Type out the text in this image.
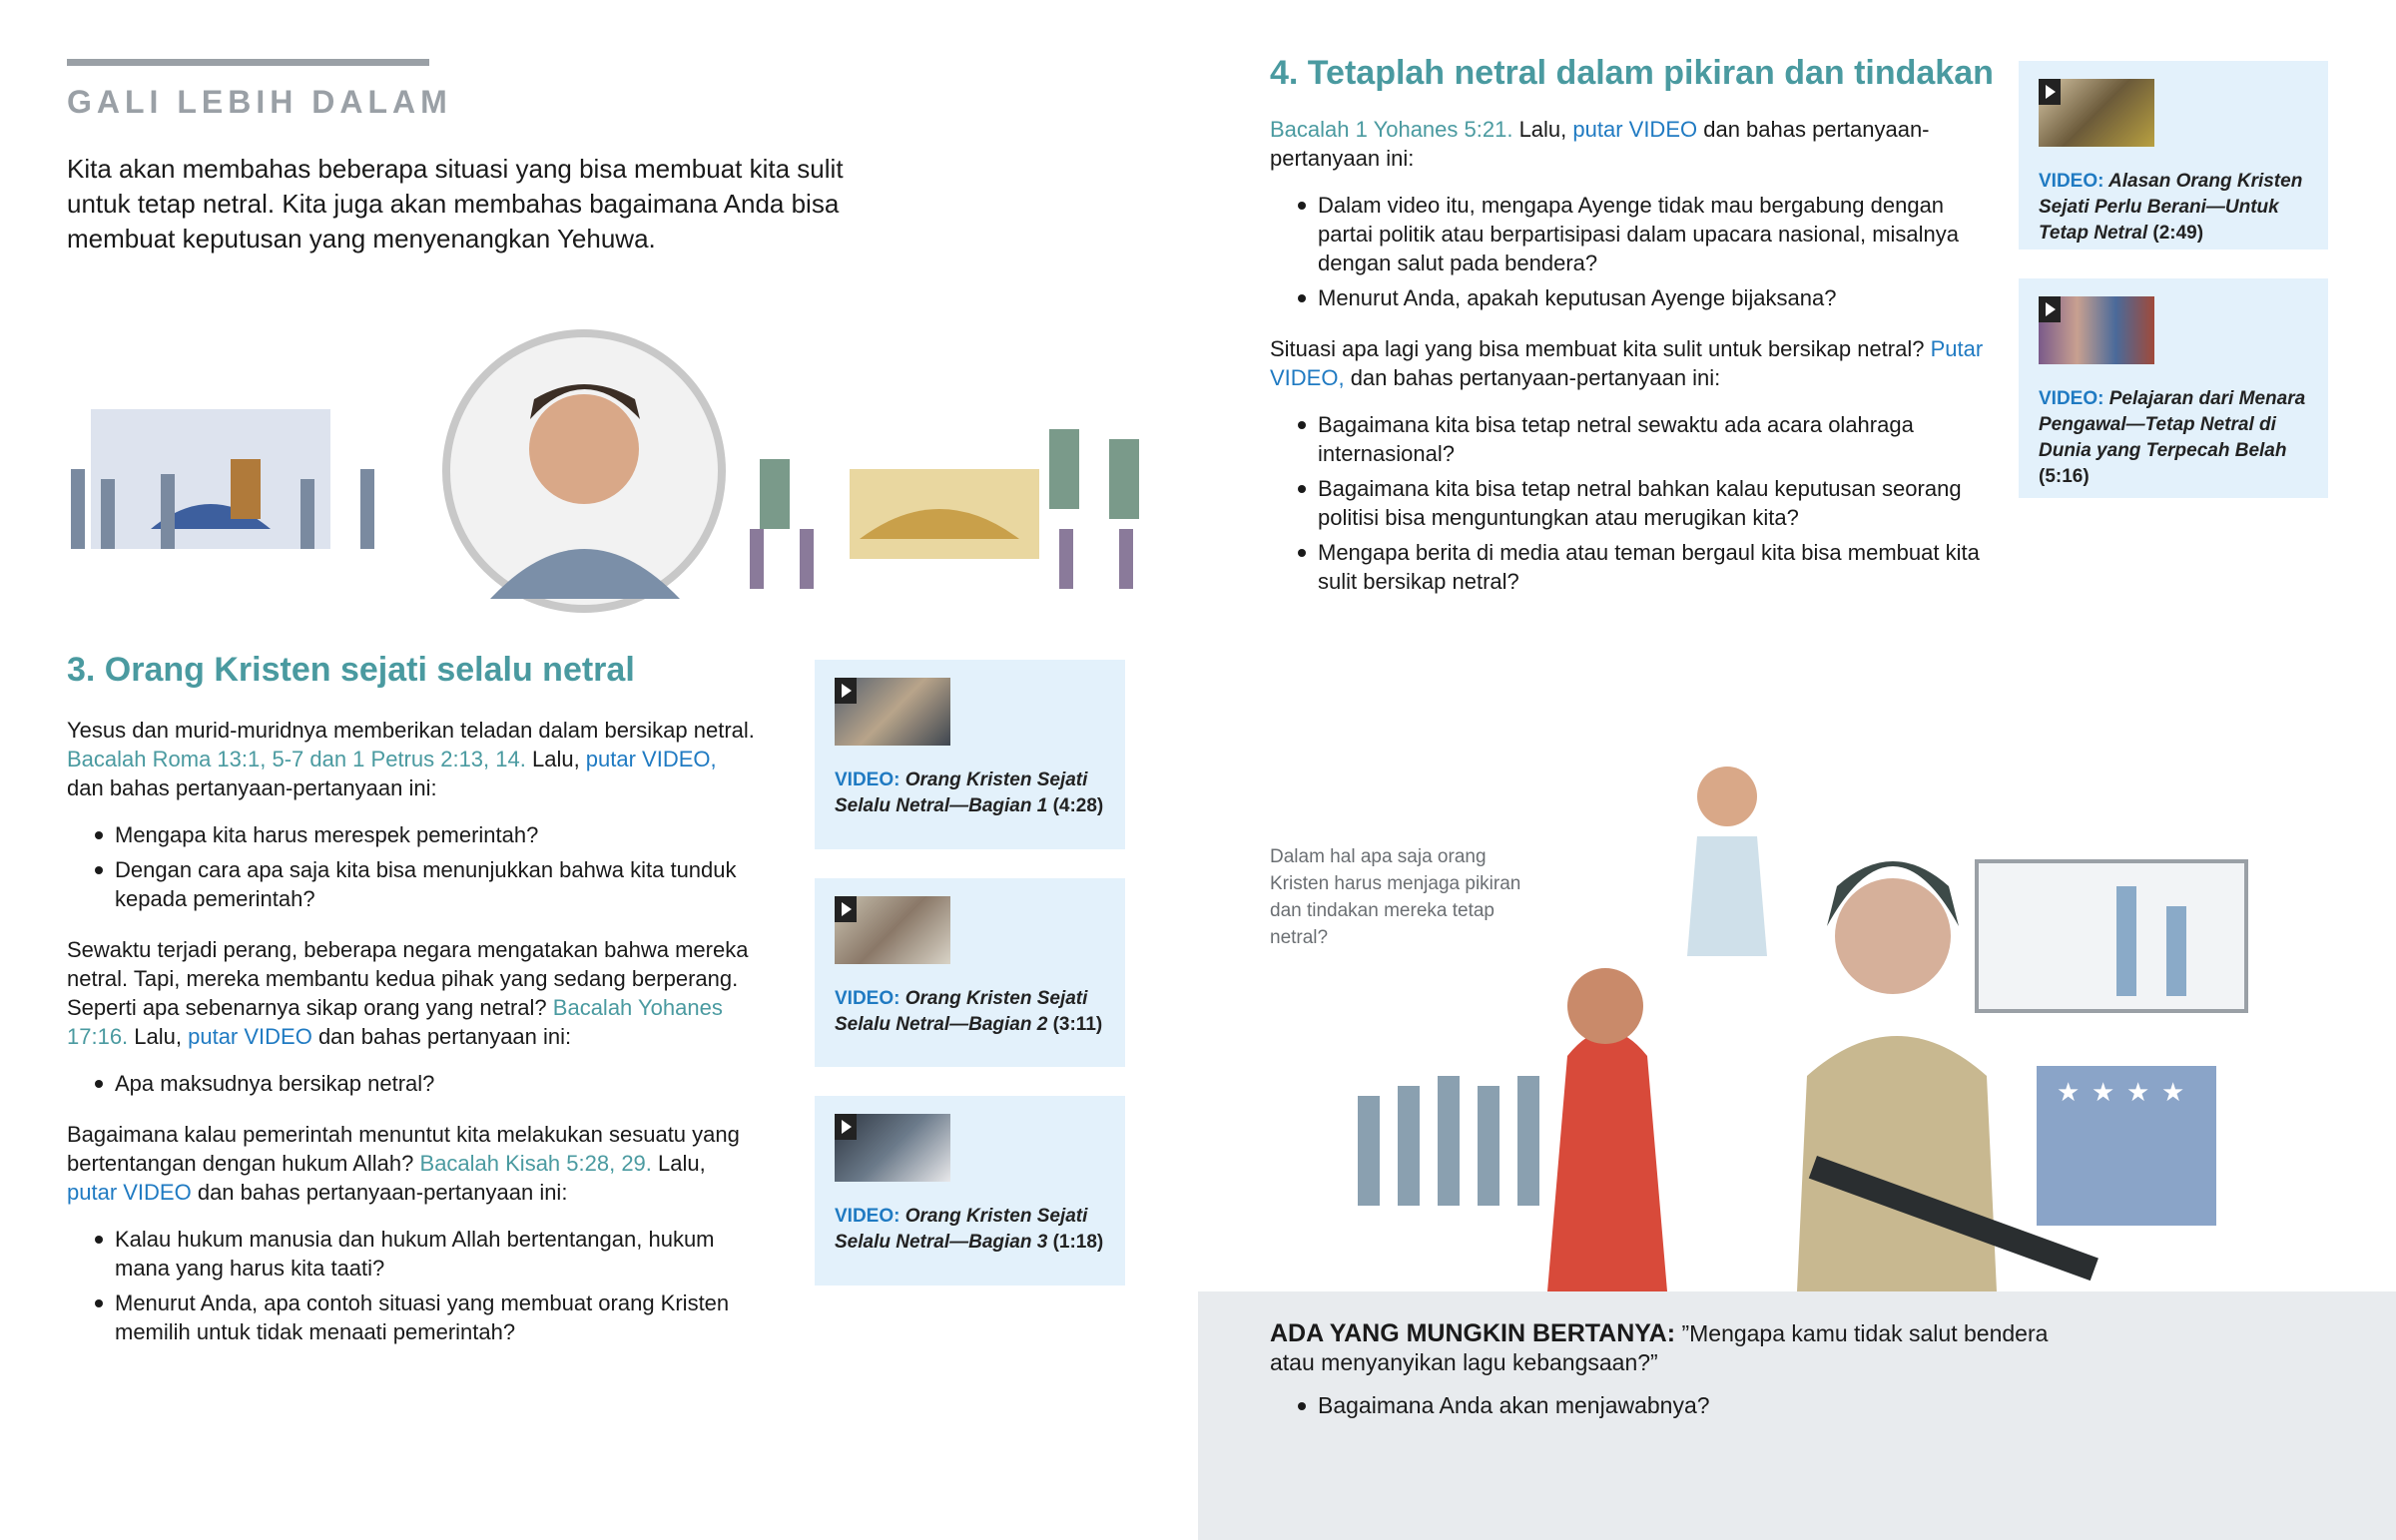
GALI LEBIH DALAM
Kita akan membahas beberapa situasi yang bisa membuat kita sulit untuk tetap netral. Kita juga akan membahas bagaimana Anda bisa membuat keputusan yang menyenangkan Yehuwa.
3. Orang Kristen sejati selalu netral

Yesus dan murid-muridnya memberikan teladan dalam bersikap netral. Bacalah Roma 13:1, 5-7 dan 1 Petrus 2:13, 14. Lalu, putar VIDEO, dan bahas pertanyaan-pertanyaan ini:

Mengapa kita harus merespek pemerintah?
Dengan cara apa saja kita bisa menunjukkan bahwa kita tunduk kepada pemerintah?

Sewaktu terjadi perang, beberapa negara mengatakan bahwa mereka netral. Tapi, mereka membantu kedua pihak yang sedang berperang. Seperti apa sebenarnya sikap orang yang netral? Bacalah Yohanes 17:16. Lalu, putar VIDEO dan bahas pertanyaan ini:

Apa maksudnya bersikap netral?

Bagaimana kalau pemerintah menuntut kita melakukan sesuatu yang bertentangan dengan hukum Allah? Bacalah Kisah 5:28, 29. Lalu, putar VIDEO dan bahas pertanyaan-pertanyaan ini:

Kalau hukum manusia dan hukum Allah bertentangan, hukum mana yang harus kita taati?
Menurut Anda, apa contoh situasi yang membuat orang Kristen memilih untuk tidak menaati pemerintah?
VIDEO: Orang Kristen Sejati Selalu Netral—Bagian 1 (4:28)
VIDEO: Orang Kristen Sejati Selalu Netral—Bagian 2 (3:11)
VIDEO: Orang Kristen Sejati Selalu Netral—Bagian 3 (1:18)
4. Tetaplah netral dalam pikiran dan tindakan

Bacalah 1 Yohanes 5:21. Lalu, putar VIDEO dan bahas pertanyaan-pertanyaan ini:

Dalam video itu, mengapa Ayenge tidak mau bergabung dengan partai politik atau berpartisipasi dalam upacara nasional, misalnya dengan salut pada bendera?
Menurut Anda, apakah keputusan Ayenge bijaksana?

Situasi apa lagi yang bisa membuat kita sulit untuk bersikap netral? Putar VIDEO, dan bahas pertanyaan-pertanyaan ini:

Bagaimana kita bisa tetap netral sewaktu ada acara olahraga internasional?
Bagaimana kita bisa tetap netral bahkan kalau keputusan seorang politisi bisa menguntungkan atau merugikan kita?
Mengapa berita di media atau teman bergaul kita bisa membuat kita sulit bersikap netral?
VIDEO: Alasan Orang Kristen Sejati Perlu Berani—Untuk Tetap Netral (2:49)
VIDEO: Pelajaran dari Menara Pengawal—Tetap Netral di Dunia yang Terpecah Belah (5:16)
★ ★ ★ ★
Dalam hal apa saja orang Kristen harus menjaga pikiran dan tindakan mereka tetap netral?

ADA YANG MUNGKIN BERTANYA: ”Mengapa kamu tidak salut bendera atau menyanyikan lagu kebangsaan?”

Bagaimana Anda akan menjawabnya?
